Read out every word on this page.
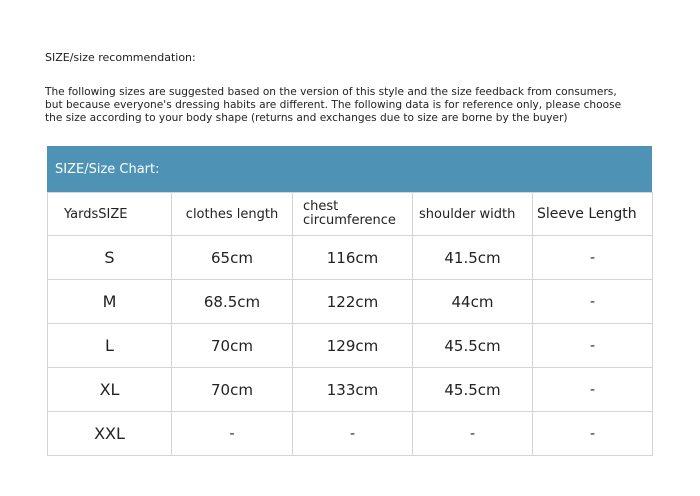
SIZE/size recommendation:
The following sizes are suggested based on the version of this style and the size feedback from consumers,
but because everyone's dressing habits are different. The following data is for reference only, please choose
the size according to your body shape (returns and exchanges due to size are borne by the buyer)
SIZE/Size Chart:
YardsSIZE	clothes length	chest circumference	shoulder width	Sleeve Length
S	65cm	116cm	41.5cm	-
M	68.5cm	122cm	44cm	-
L	70cm	129cm	45.5cm	-
XL	70cm	133cm	45.5cm	-
XXL	-	-	-	-
